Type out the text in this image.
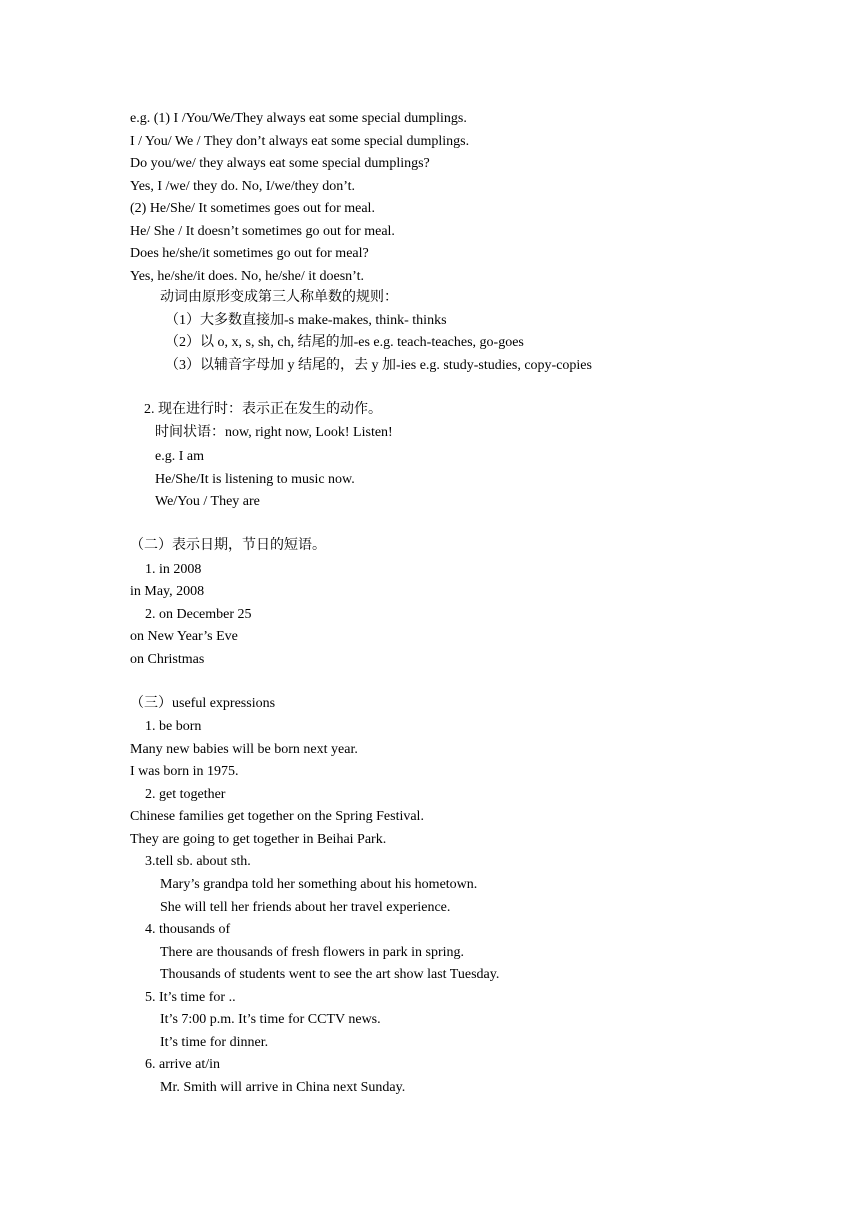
e.g. (1) I /You/We/They always eat some special dumplings.
I / You/ We / They don’t always eat some special dumplings.
Do you/we/ they always eat some special dumplings?
Yes, I /we/ they do. No, I/we/they don’t.
(2) He/She/ It sometimes goes out for meal.
He/ She / It doesn’t sometimes go out for meal.
Does he/she/it sometimes go out for meal?
Yes, he/she/it does. No, he/she/ it doesn’t.
动词由原形变成第三人称单数的规则：
（1）大多数直接加-s make-makes, think- thinks
（2）以 o, x, s, sh, ch, 结尾的加-es e.g. teach-teaches, go-goes
（3）以辅音字母加 y 结尾的，去 y 加-ies e.g. study-studies, copy-copies
2. 现在进行时：表示正在发生的动作。
时间状语：now, right now, Look! Listen!
e.g. I am
He/She/It is listening to music now.
We/You / They are
（二）表示日期，节日的短语。
1. in 2008
in May, 2008
2. on December 25
on New Year’s Eve
on Christmas
（三）useful expressions
1. be born
Many new babies will be born next year.
I was born in 1975.
2. get together
Chinese families get together on the Spring Festival.
They are going to get together in Beihai Park.
3.tell sb. about sth.
Mary’s grandpa told her something about his hometown.
She will tell her friends about her travel experience.
4. thousands of
There are thousands of fresh flowers in park in spring.
Thousands of students went to see the art show last Tuesday.
5. It’s time for ..
It’s 7:00 p.m. It’s time for CCTV news.
It’s time for dinner.
6. arrive at/in
Mr. Smith will arrive in China next Sunday.
